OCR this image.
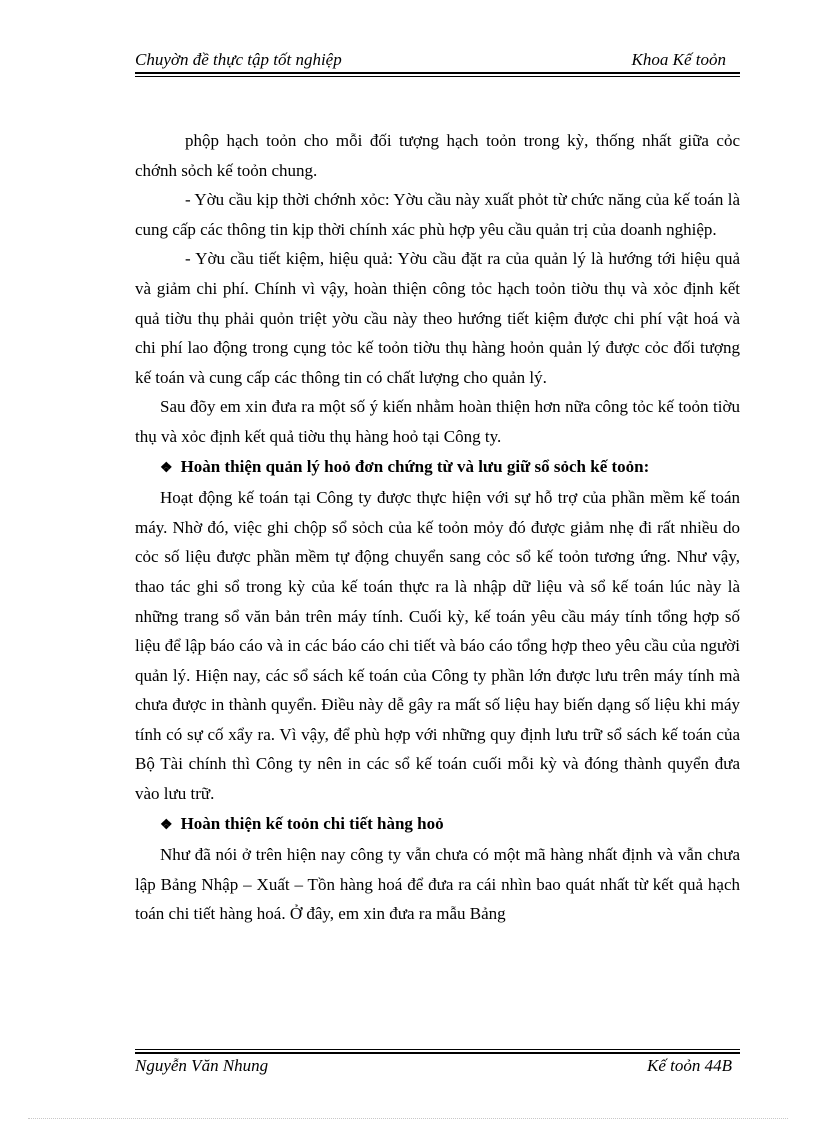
Chuyờn đề thực tập tốt nghiệp	Khoa Kế toỏn

phộp hạch toỏn cho mỗi đối tượng hạch toỏn trong kỳ, thống nhất giữa cỏc chớnh sỏch kế toỏn chung.

- Yờu cầu kịp thời chớnh xỏc: Yờu cầu này xuất phỏt từ chức năng của kế toán là cung cấp các thông tin kịp thời chính xác phù hợp yêu cầu quản trị của doanh nghiệp.

- Yờu cầu tiết kiệm, hiệu quả: Yờu cầu đặt ra của quản lý là hướng tới hiệu quả và giảm chi phí. Chính vì vậy, hoàn thiện công tỏc hạch toỏn tiờu thụ và xỏc định kết quả tiờu thụ phải quỏn triệt yờu cầu này theo hướng tiết kiệm được chi phí vật hoá và chi phí lao động trong cụng tỏc kế toỏn tiờu thụ hàng hoỏn quản lý được cỏc đối tượng kế toán và cung cấp các thông tin có chất lượng cho quản lý.

Sau đõy em xin đưa ra một số ý kiến nhằm hoàn thiện hơn nữa công tỏc kế toỏn tiờu thụ và xỏc định kết quả tiờu thụ hàng hoỏ tại Công ty.

❖ Hoàn thiện quản lý hoỏ đơn chứng từ và lưu giữ sổ sỏch kế toỏn:

Hoạt động kế toán tại Công ty được thực hiện với sự hỗ trợ của phần mềm kế toán máy. Nhờ đó, việc ghi chộp sổ sỏch của kế toỏn mỏy đó được giảm nhẹ đi rất nhiều do cỏc số liệu được phần mềm tự động chuyển sang cỏc sổ kế toỏn tương ứng. Như vậy, thao tác ghi sổ trong kỳ của kế toán thực ra là nhập dữ liệu và sổ kế toán lúc này là những trang sổ văn bản trên máy tính. Cuối kỳ, kế toán yêu cầu máy tính tổng hợp số liệu để lập báo cáo và in các báo cáo chi tiết và báo cáo tổng hợp theo yêu cầu của người quản lý. Hiện nay, các sổ sách kế toán của Công ty phần lớn được lưu trên máy tính mà chưa được in thành quyển. Điều này dễ gây ra mất số liệu hay biến dạng số liệu khi máy tính có sự cố xẩy ra. Vì vậy, để phù hợp với những quy định lưu trữ sổ sách kế toán của Bộ Tài chính thì Công ty nên in các sổ kế toán cuối mỗi kỳ và đóng thành quyển đưa vào lưu trữ.

❖ Hoàn thiện kế toỏn chi tiết hàng hoỏ

Như đã nói ở trên hiện nay công ty vẫn chưa có một mã hàng nhất định và vẫn chưa lập Bảng Nhập – Xuất – Tồn hàng hoá để đưa ra cái nhìn bao quát nhất từ kết quả hạch toán chi tiết hàng hoá. Ở đây, em xin đưa ra mẫu Bảng

Nguyễn Văn Nhung	Kế toỏn 44B
